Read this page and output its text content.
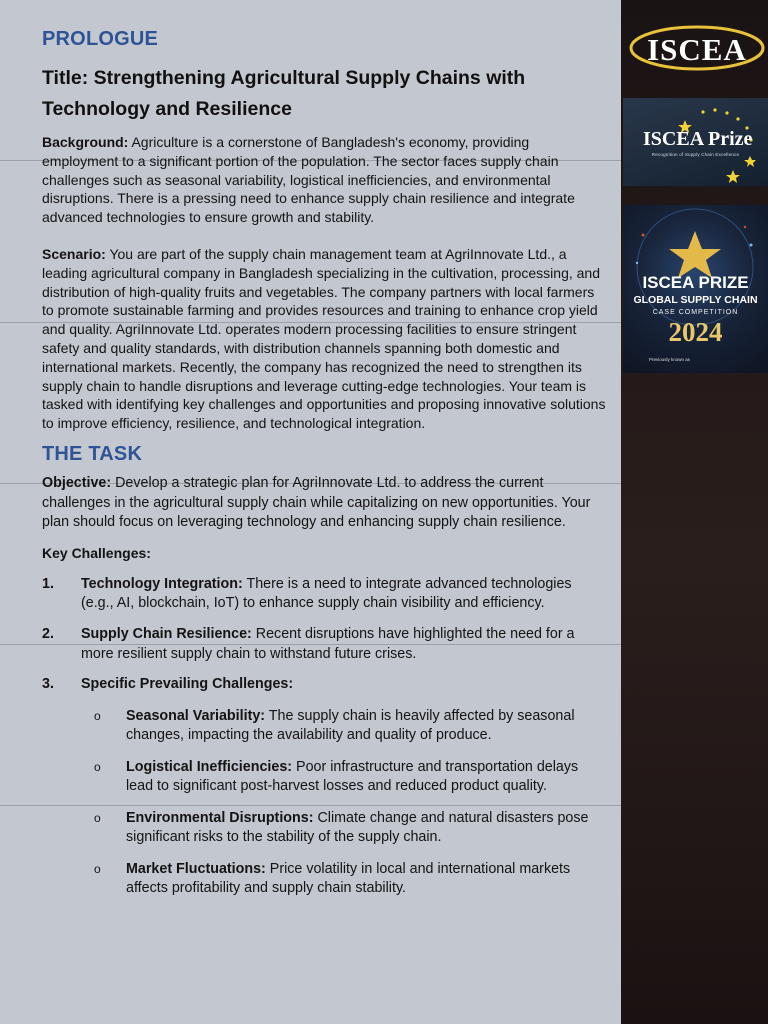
PROLOGUE
Title: Strengthening Agricultural Supply Chains with Technology and Resilience

Background: Agriculture is a cornerstone of Bangladesh's economy, providing employment to a significant portion of the population. The sector faces supply chain challenges such as seasonal variability, logistical inefficiencies, and environmental disruptions. There is a pressing need to enhance supply chain resilience and integrate advanced technologies to ensure growth and stability.

Scenario: You are part of the supply chain management team at AgriInnovate Ltd., a leading agricultural company in Bangladesh specializing in the cultivation, processing, and distribution of high-quality fruits and vegetables. The company partners with local farmers to promote sustainable farming and provides resources and training to enhance crop yield and quality. AgriInnovate Ltd. operates modern processing facilities to ensure stringent safety and quality standards, with distribution channels spanning both domestic and international markets. Recently, the company has recognized the need to strengthen its supply chain to handle disruptions and leverage cutting-edge technologies. Your team is tasked with identifying key challenges and opportunities and proposing innovative solutions to improve efficiency, resilience, and technological integration.

THE TASK

Objective: Develop a strategic plan for AgriInnovate Ltd. to address the current challenges in the agricultural supply chain while capitalizing on new opportunities. Your plan should focus on leveraging technology and enhancing supply chain resilience.

Key Challenges:
1. Technology Integration: There is a need to integrate advanced technologies (e.g., AI, blockchain, IoT) to enhance supply chain visibility and efficiency.
2. Supply Chain Resilience: Recent disruptions have highlighted the need for a more resilient supply chain to withstand future crises.
3. Specific Prevailing Challenges:
o Seasonal Variability: The supply chain is heavily affected by seasonal changes, impacting the availability and quality of produce.
o Logistical Inefficiencies: Poor infrastructure and transportation delays lead to significant post-harvest losses and reduced product quality.
o Environmental Disruptions: Climate change and natural disasters pose significant risks to the stability of the supply chain.
o Market Fluctuations: Price volatility in local and international markets affects profitability and supply chain stability.
ISCEA
ISCEA Prize
Recognition of Supply Chain Excellence
ISCEA PRIZE
GLOBAL SUPPLY CHAIN
CASE COMPETITION
2024
Previously known as
